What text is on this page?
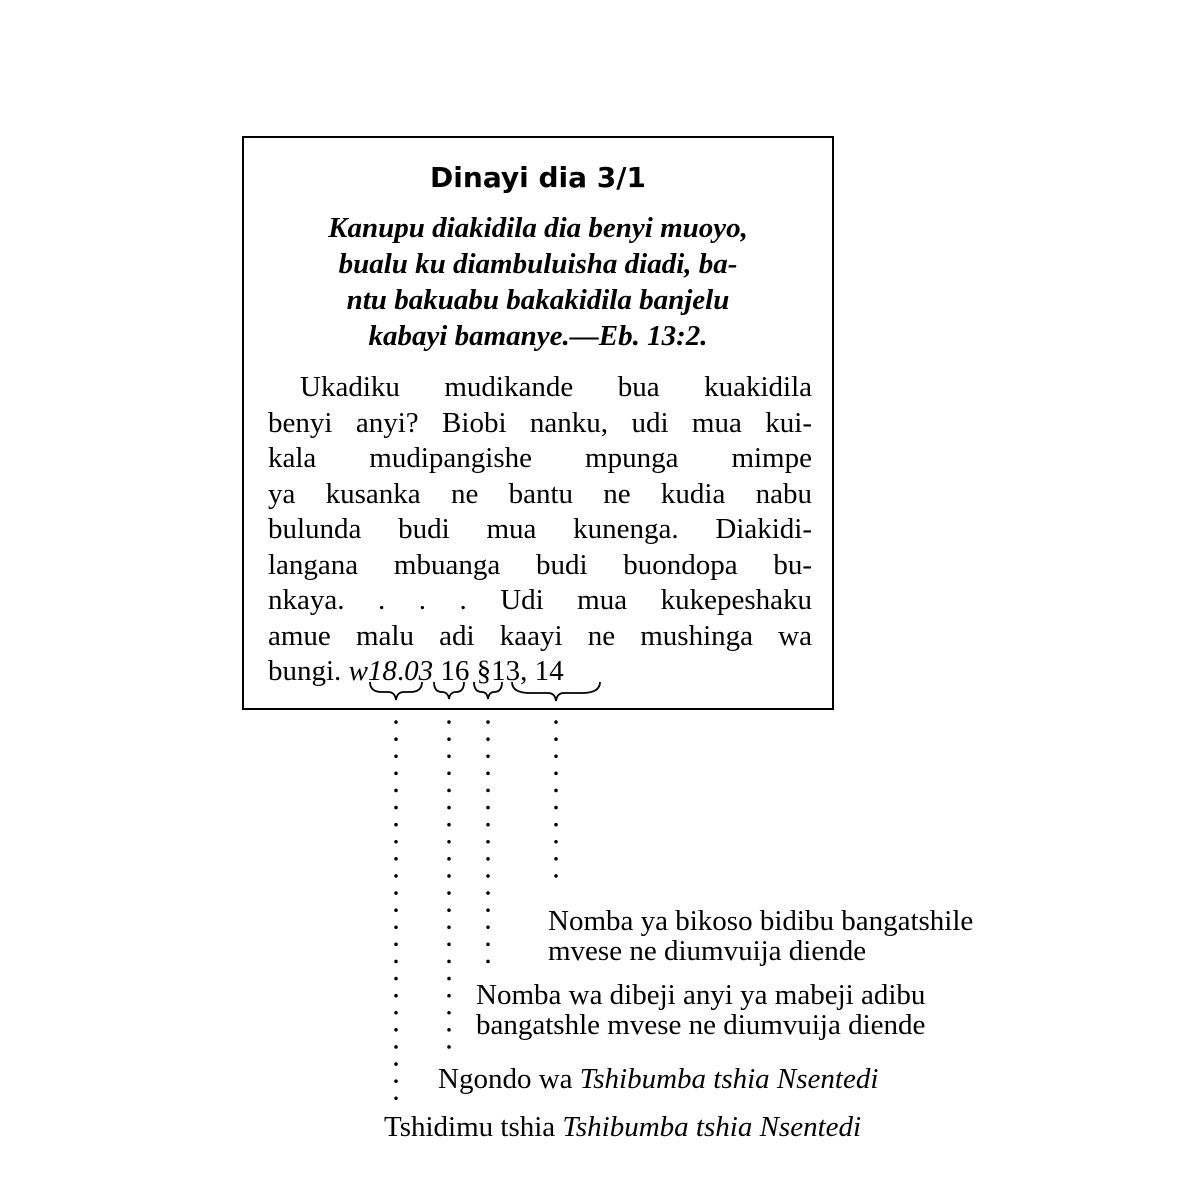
Dinayi dia 3/1
Kanupu diakidila dia benyi muoyo,
bualu ku diambuluisha diadi, ba-
ntu bakuabu bakakidila banjelu
kabayi bamanye.—Eb. 13:2.
Ukadiku mudikande bua kuakidila
benyi anyi? Biobi nanku, udi mua kui-
kala mudipangishe mpunga mimpe
ya kusanka ne bantu ne kudia nabu
bulunda budi mua kunenga. Diakidi-
langana mbuanga budi buondopa bu-
nkaya. . . . Udi mua kukepeshaku
amue malu adi kaayi ne mushinga wa
bungi. w18.03 16 §13, 14
Nomba ya bikoso bidibu bangatshile
mvese ne diumvuija diende
Nomba wa dibeji anyi ya mabeji adibu
bangatshle mvese ne diumvuija diende
Ngondo wa Tshibumba tshia Nsentedi
Tshidimu tshia Tshibumba tshia Nsentedi
